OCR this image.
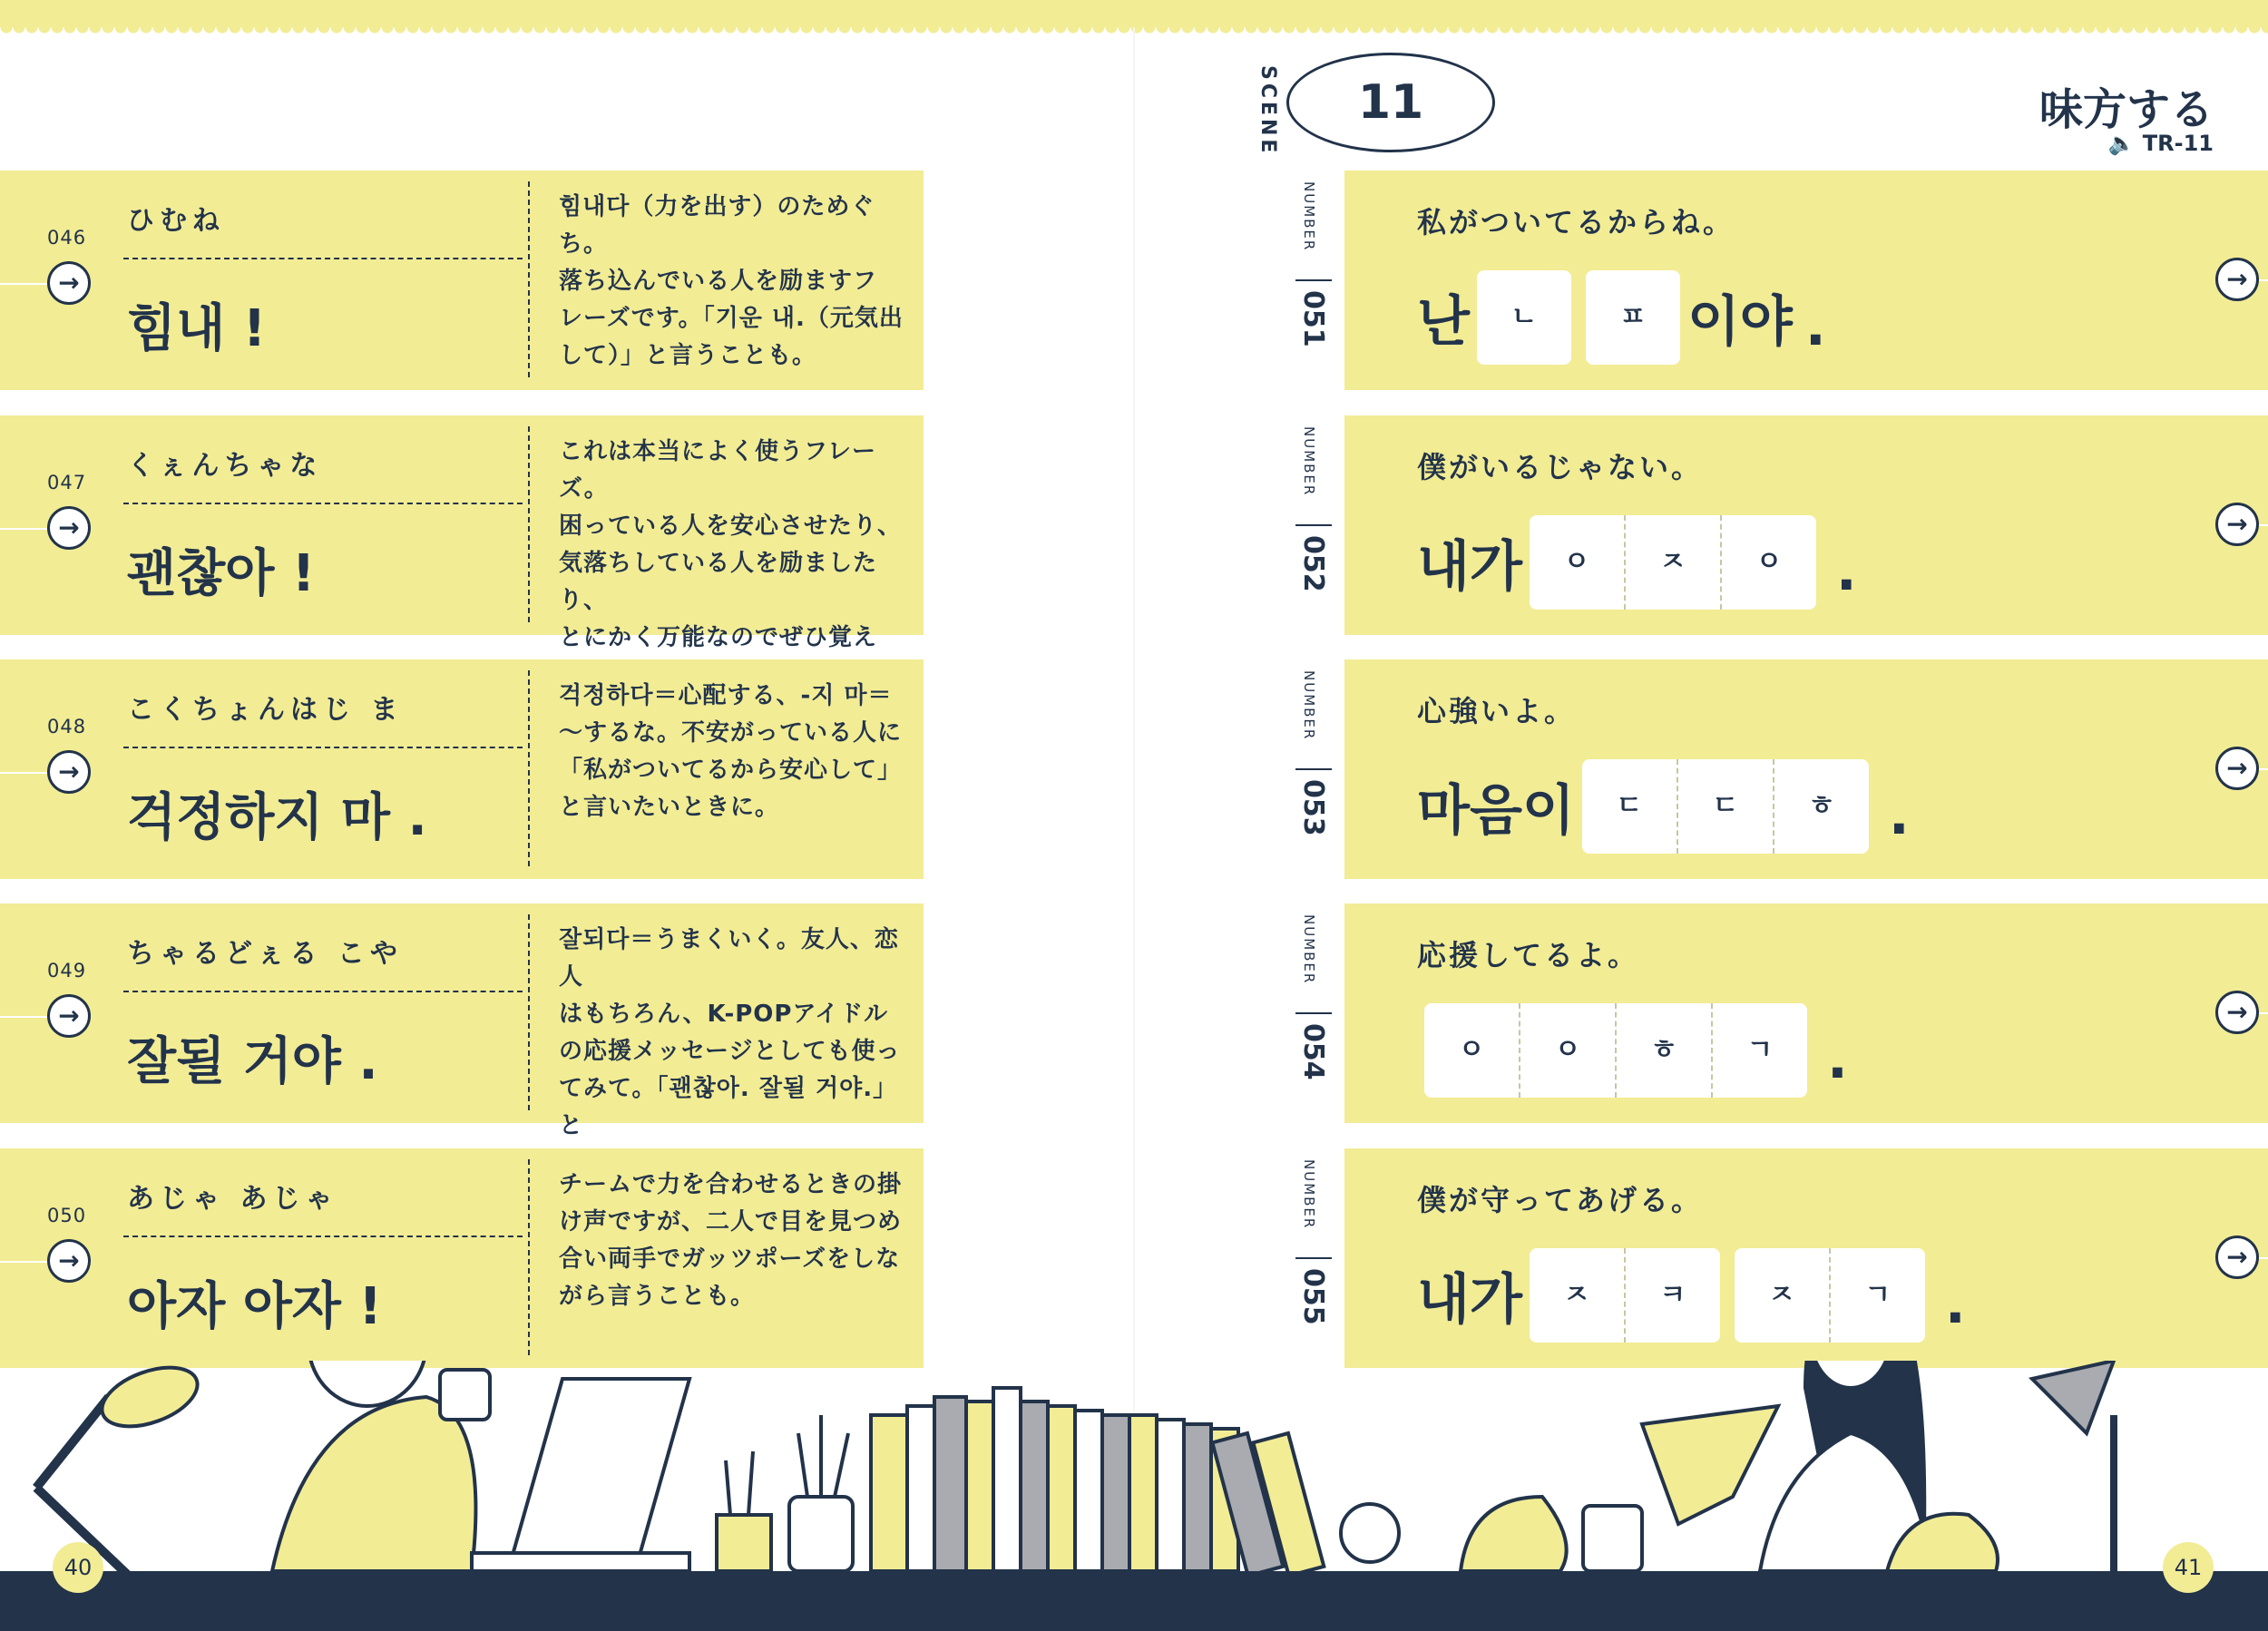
046
→
ひむね
힘내 !
힘내다（力を出す）のためぐち。
落ち込んでいる人を励ますフ
レーズです。「기운 내.（元気出
して）」と言うことも。
047
→
くぇんちゃな
괜찮아 !
これは本当によく使うフレーズ。
困っている人を安心させたり、
気落ちしている人を励ましたり、
とにかく万能なのでぜひ覚え
048
→
こくちょんはじ ま
걱정하지 마 .
걱정하다＝心配する、-지 마＝
～するな。不安がっている人に
「私がついてるから安心して」
と言いたいときに。
049
→
ちゃるどぇる こや
잘될 거야 .
잘되다＝うまくいく。友人、恋人
はもちろん、K-POPアイドル
の応援メッセージとしても使っ
てみて。「괜찮아. 잘될 거야.」と

050
→
あじゃ あじゃ
아자 아자 !
チームで力を合わせるときの掛
け声ですが、二人で目を見つめ
合い両手でガッツポーズをしな
がら言うことも。
SCENE	11	味方する
🔈 TR-11
NUMBER
051
私がついてるからね。
난	ㄴ	ㅍ 이야 .
→
NUMBER
052
僕がいるじゃない。
내가	ㅇ	ㅈ	ㅇ .
→
NUMBER
053
心強いよ。
마음이	ㄷ	ㄷ	ㅎ .
→
NUMBER
054
応援してるよ。
ㅇ	ㅇ	ㅎ	ㄱ .
→
NUMBER
055
僕が守ってあげる。
내가	ㅈ	ㅋ	ㅈ	ㄱ .
→
40	41
